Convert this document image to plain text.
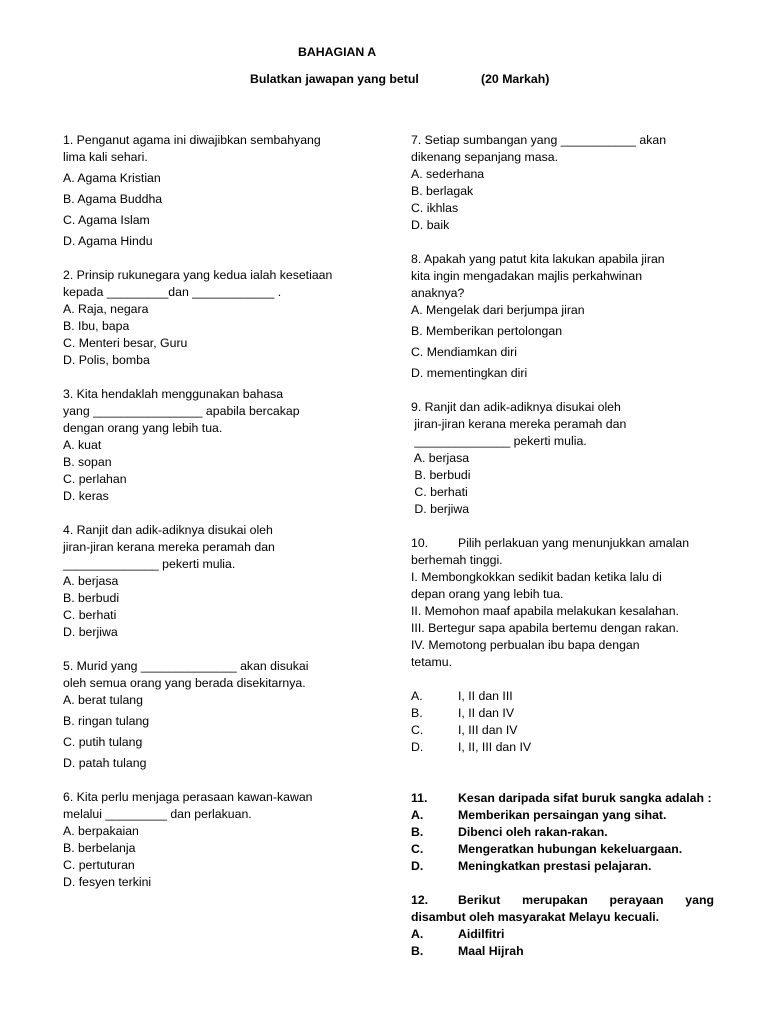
BAHAGIAN A
Bulatkan jawapan yang betul	(20 Markah)
1. Penganut agama ini diwajibkan sembahyang
lima kali sehari.
A. Agama Kristian
B. Agama Buddha
C. Agama Islam
D. Agama Hindu
2. Prinsip rukunegara yang kedua ialah kesetiaan
kepada _________dan ____________ .
A. Raja, negara
B. Ibu, bapa
C. Menteri besar, Guru
D. Polis, bomba
3. Kita hendaklah menggunakan bahasa
yang ________________ apabila bercakap
dengan orang yang lebih tua.
A. kuat
B. sopan
C. perlahan
D. keras
4. Ranjit dan adik-adiknya disukai oleh
jiran-jiran kerana mereka peramah dan
______________ pekerti mulia.
A. berjasa
B. berbudi
C. berhati
D. berjiwa
5. Murid yang ______________ akan disukai
oleh semua orang yang berada disekitarnya.
A. berat tulang
B. ringan tulang
C. putih tulang
D. patah tulang
6. Kita perlu menjaga perasaan kawan-kawan
melalui _________ dan perlakuan.
A. berpakaian
B. berbelanja
C. pertuturan
D. fesyen terkini
7. Setiap sumbangan yang ___________ akan
dikenang sepanjang masa.
A. sederhana
B. berlagak
C. ikhlas
D. baik
8. Apakah yang patut kita lakukan apabila jiran
kita ingin mengadakan majlis perkahwinan
anaknya?
A. Mengelak dari berjumpa jiran
B. Memberikan pertolongan
C. Mendiamkan diri
D. mementingkan diri
9. Ranjit dan adik-adiknya disukai oleh
jiran-jiran kerana mereka peramah dan
______________ pekerti mulia.
A. berjasa
B. berbudi
C. berhati
D. berjiwa
10.	Pilih perlakuan yang menunjukkan amalan
berhemah tinggi.
I. Membongkokkan sedikit badan ketika lalu di
depan orang yang lebih tua.
II. Memohon maaf apabila melakukan kesalahan.
III. Bertegur sapa apabila bertemu dengan rakan.
IV. Memotong perbualan ibu bapa dengan
tetamu.
A.	I, II dan III
B.	I, II dan IV
C.	I, III dan IV
D.	I, II, III dan IV
11.	Kesan daripada sifat buruk sangka adalah :
A.	Memberikan persaingan yang sihat.
B.	Dibenci oleh rakan-rakan.
C.	Mengeratkan hubungan kekeluargaan.
D.	Meningkatkan prestasi pelajaran.
12.	Berikut merupakan perayaan yang
disambut oleh masyarakat Melayu kecuali.
A.	Aidilfitri
B.	Maal Hijrah
